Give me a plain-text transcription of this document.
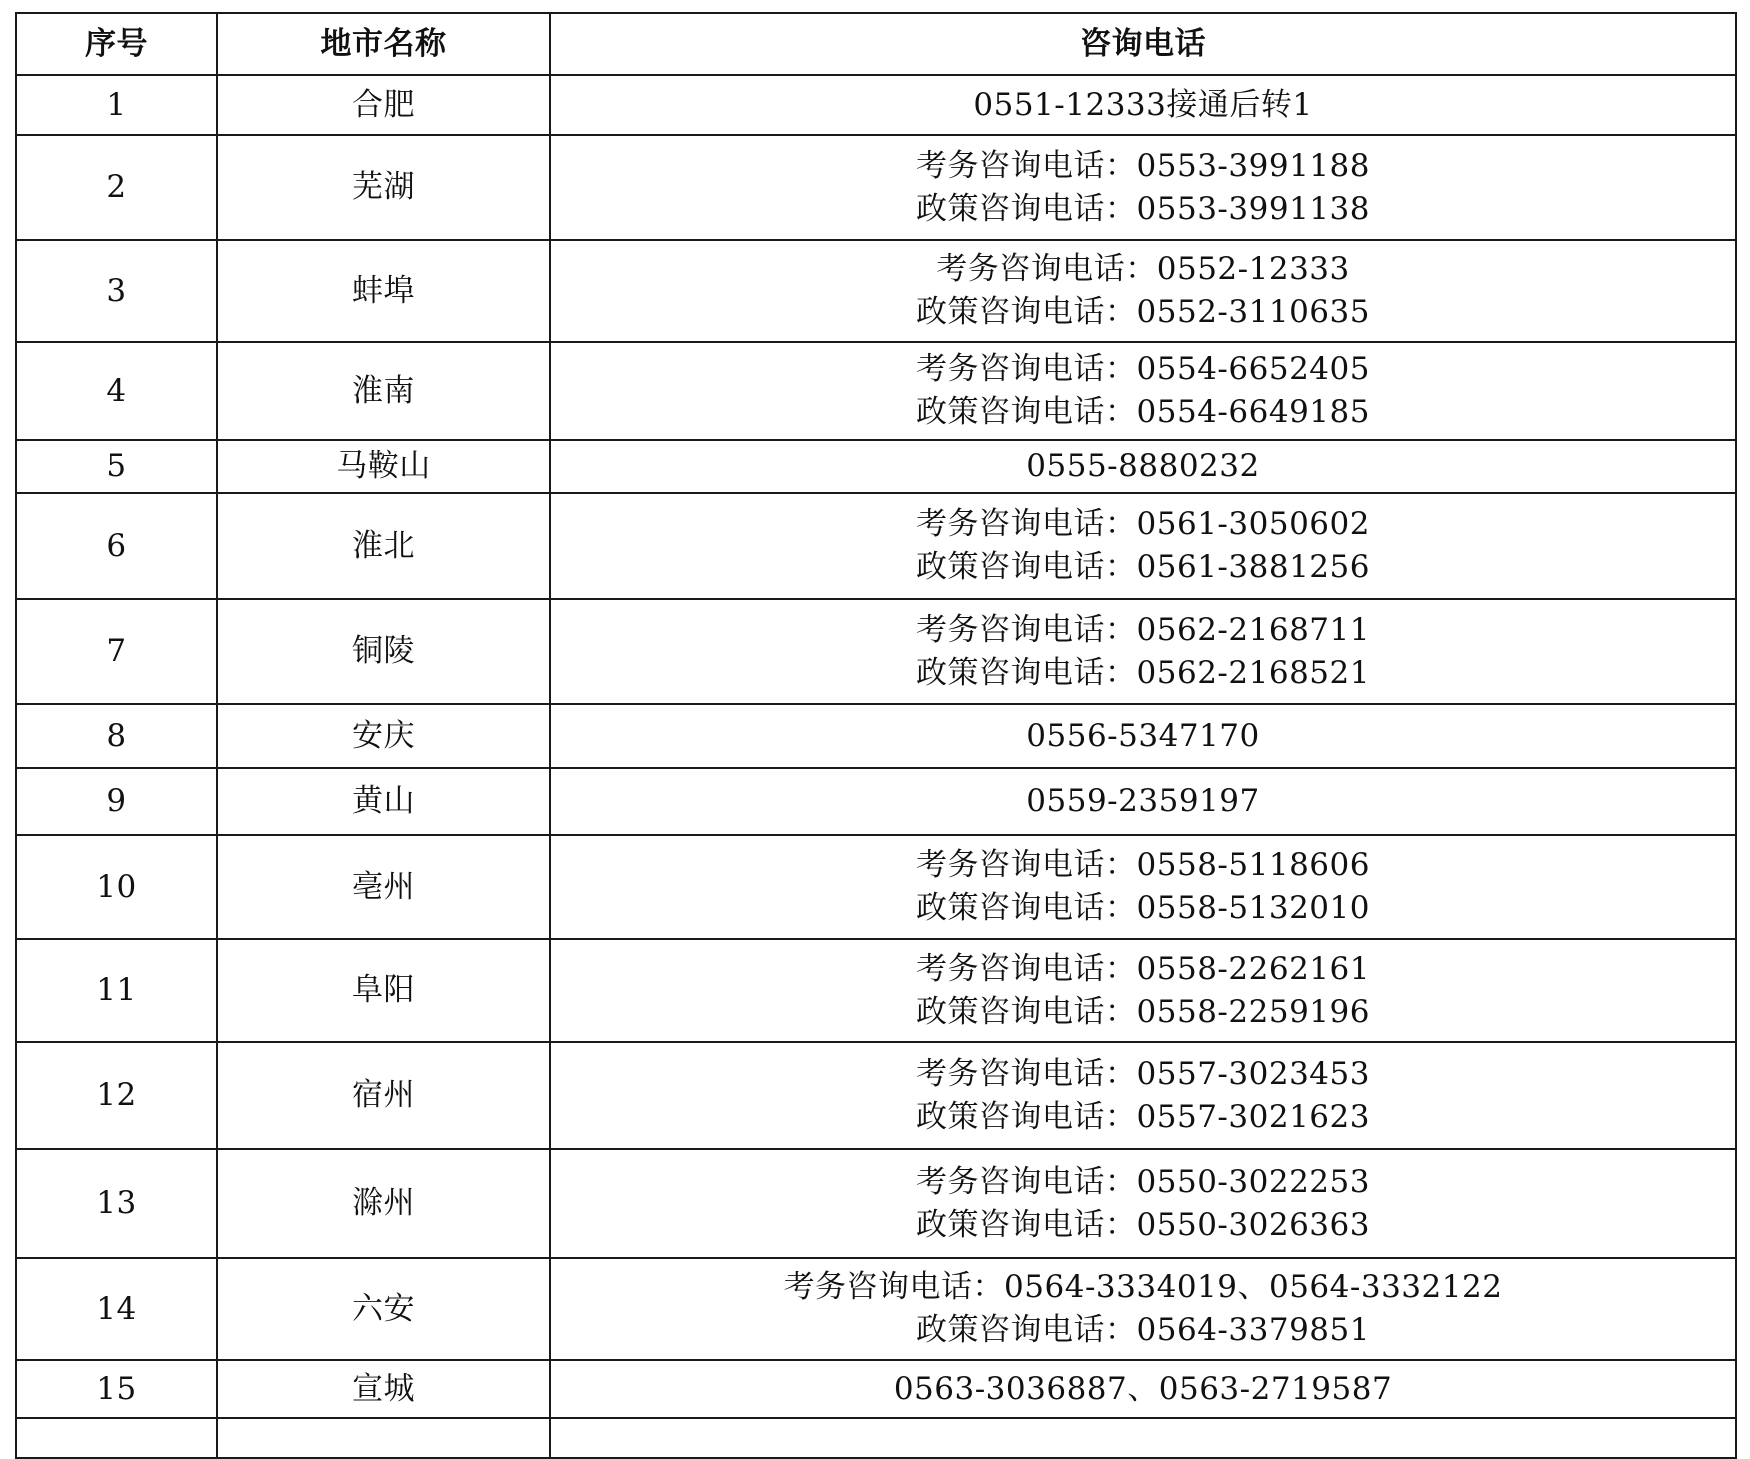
序号	地市名称	咨询电话
1	合肥	0551-12333接通后转1

2	芜湖	考务咨询电话：0553-3991188
政策咨询电话：0553-3991138

3	蚌埠	考务咨询电话：0552-12333
政策咨询电话：0552-3110635

4	淮南	考务咨询电话：0554-6652405
政策咨询电话：0554-6649185

5	马鞍山	0555-8880232

6	淮北	考务咨询电话：0561-3050602
政策咨询电话：0561-3881256

7	铜陵	考务咨询电话：0562-2168711
政策咨询电话：0562-2168521

8	安庆	0556-5347170

9	黄山	0559-2359197

10	亳州	考务咨询电话：0558-5118606
政策咨询电话：0558-5132010

11	阜阳	考务咨询电话：0558-2262161
政策咨询电话：0558-2259196

12	宿州	考务咨询电话：0557-3023453
政策咨询电话：0557-3021623

13	滁州	考务咨询电话：0550-3022253
政策咨询电话：0550-3026363

14	六安	考务咨询电话：0564-3334019、0564-3332122
政策咨询电话：0564-3379851

15	宣城	0563-3036887、0563-2719587
